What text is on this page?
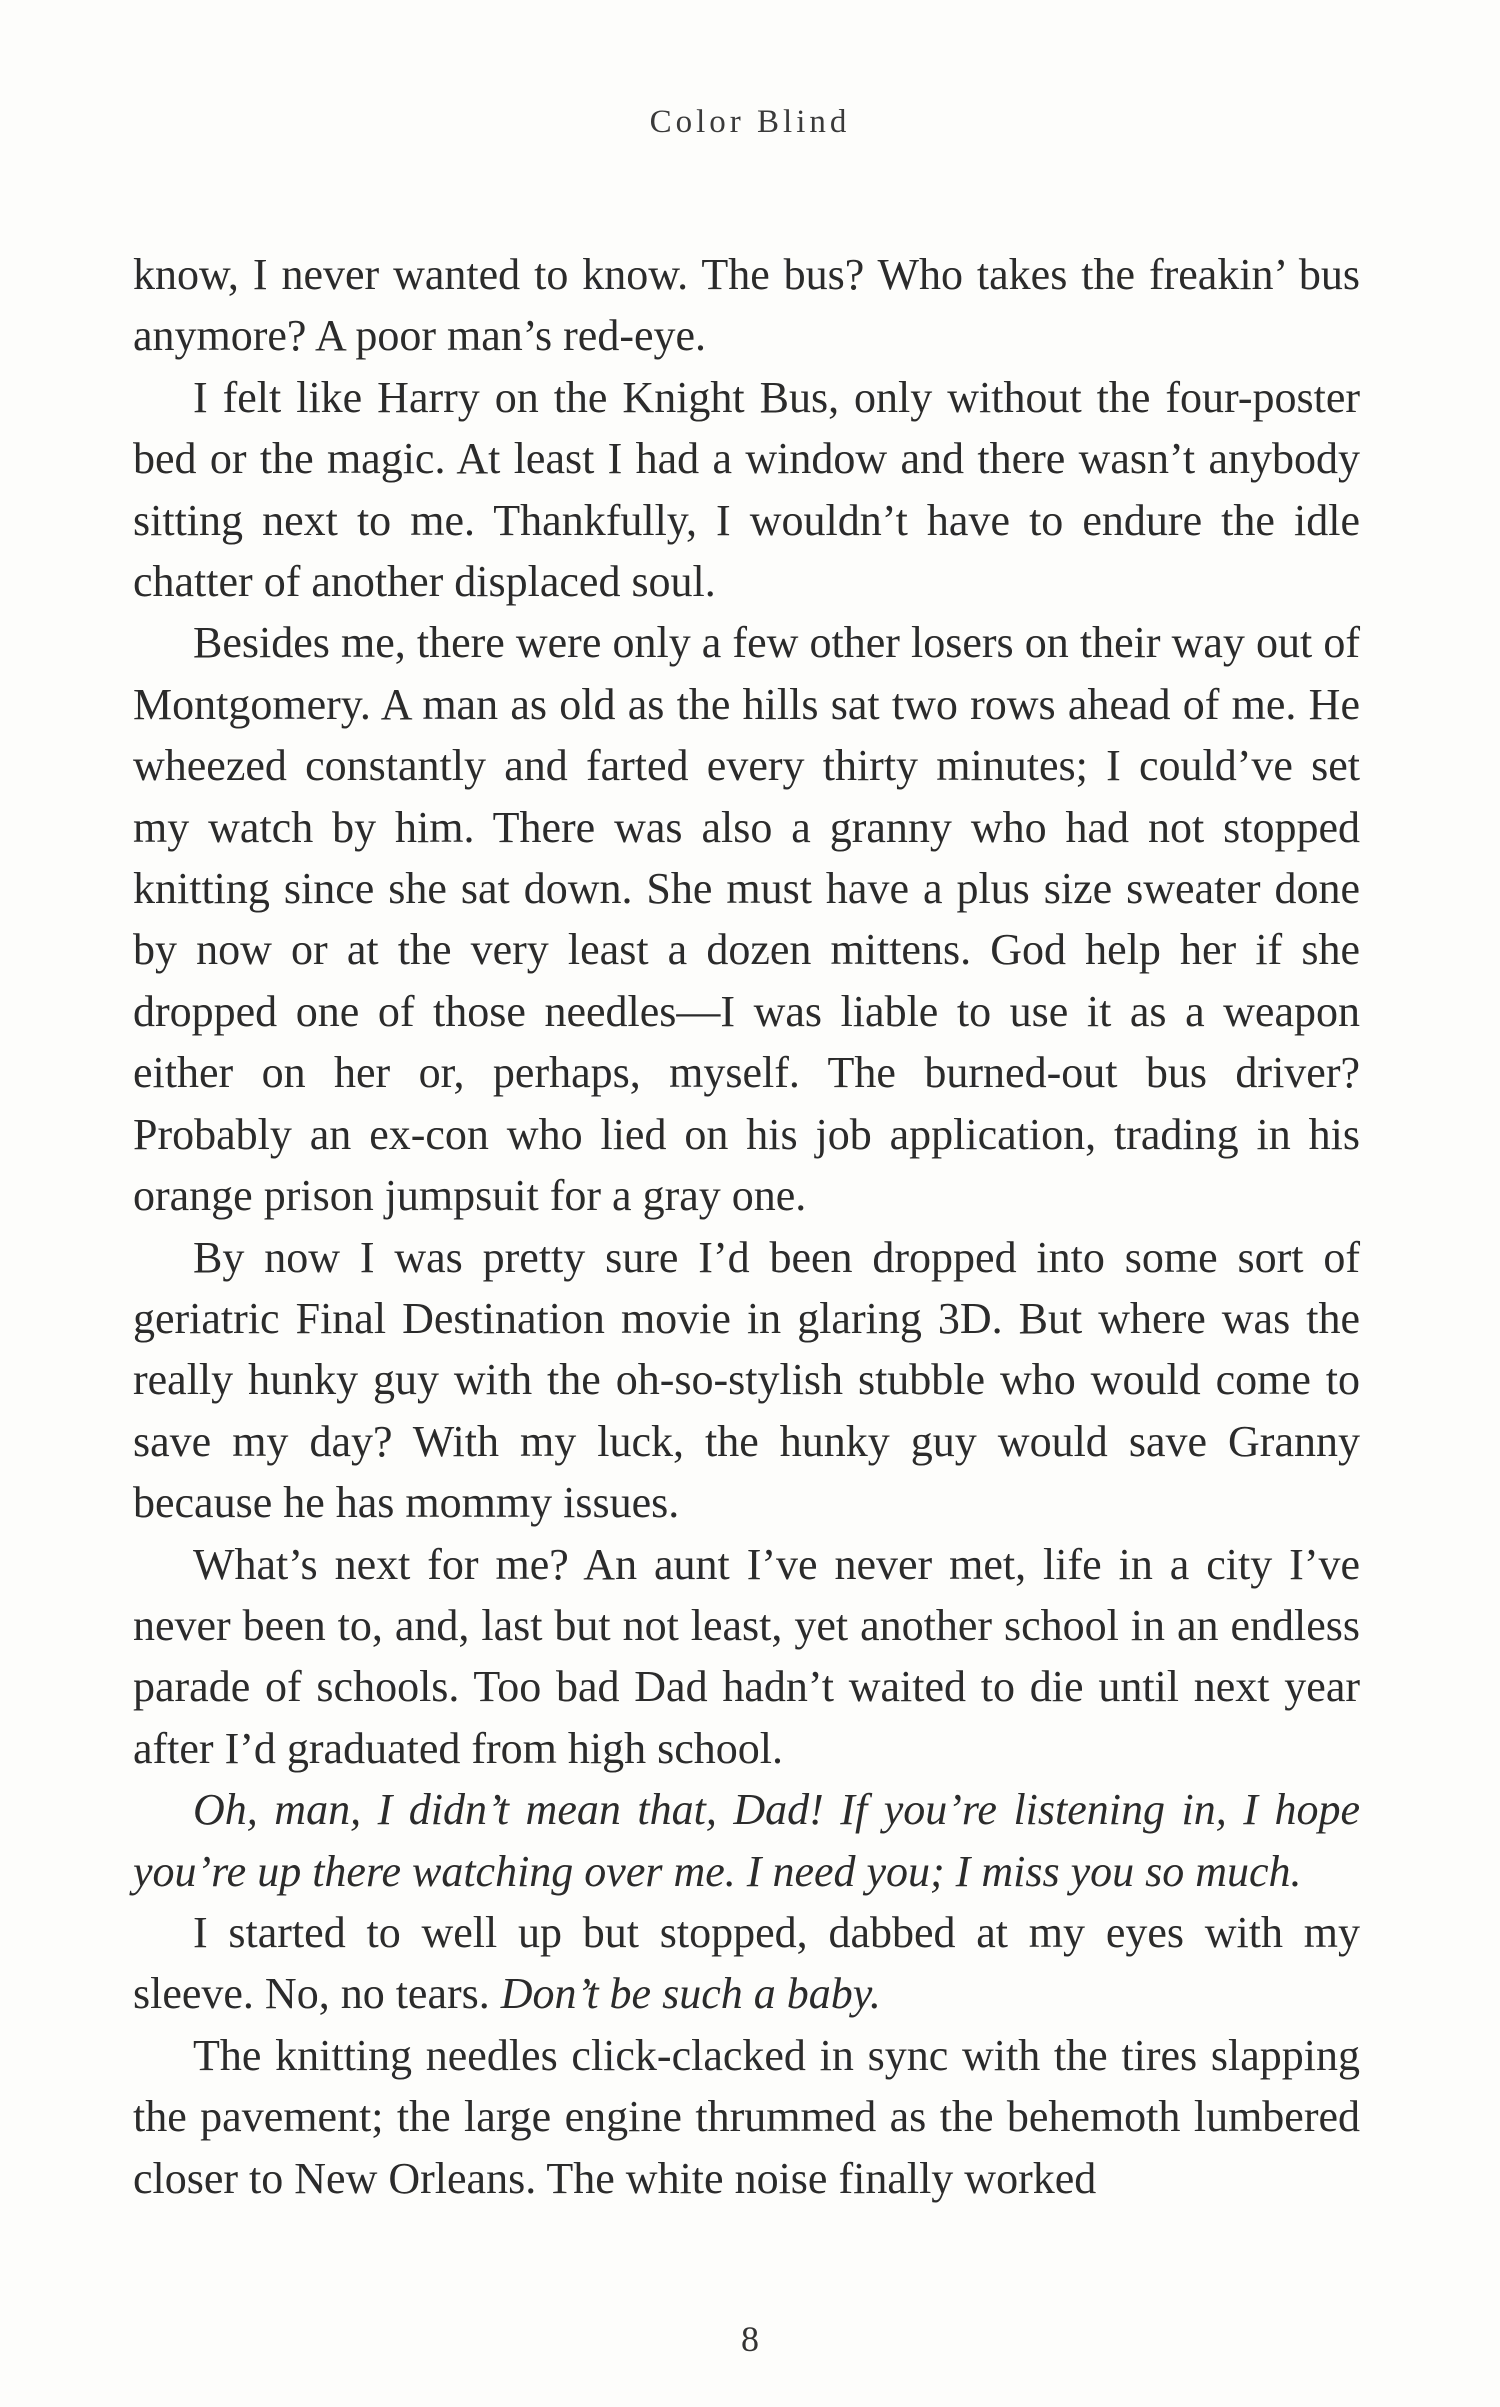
Color Blind

know, I never wanted to know. The bus? Who takes the freakin’ bus anymore? A poor man’s red-eye.

I felt like Harry on the Knight Bus, only without the four-poster bed or the magic. At least I had a window and there wasn’t anybody sitting next to me. Thankfully, I wouldn’t have to endure the idle chatter of another displaced soul.

Besides me, there were only a few other losers on their way out of Montgomery. A man as old as the hills sat two rows ahead of me. He wheezed constantly and farted every thirty minutes; I could’ve set my watch by him. There was also a granny who had not stopped knitting since she sat down. She must have a plus size sweater done by now or at the very least a dozen mittens. God help her if she dropped one of those needles—I was liable to use it as a weapon either on her or, perhaps, myself. The burned-out bus driver? Probably an ex-con who lied on his job application, trading in his orange prison jumpsuit for a gray one.

By now I was pretty sure I’d been dropped into some sort of geriatric Final Destination movie in glaring 3D. But where was the really hunky guy with the oh-so-stylish stubble who would come to save my day? With my luck, the hunky guy would save Granny because he has mommy issues.

What’s next for me? An aunt I’ve never met, life in a city I’ve never been to, and, last but not least, yet another school in an endless parade of schools. Too bad Dad hadn’t waited to die until next year after I’d graduated from high school.

Oh, man, I didn’t mean that, Dad! If you’re listening in, I hope you’re up there watching over me. I need you; I miss you so much.

I started to well up but stopped, dabbed at my eyes with my sleeve. No, no tears. Don’t be such a baby.

The knitting needles click-clacked in sync with the tires slapping the pavement; the large engine thrummed as the behemoth lumbered closer to New Orleans. The white noise finally worked

8
